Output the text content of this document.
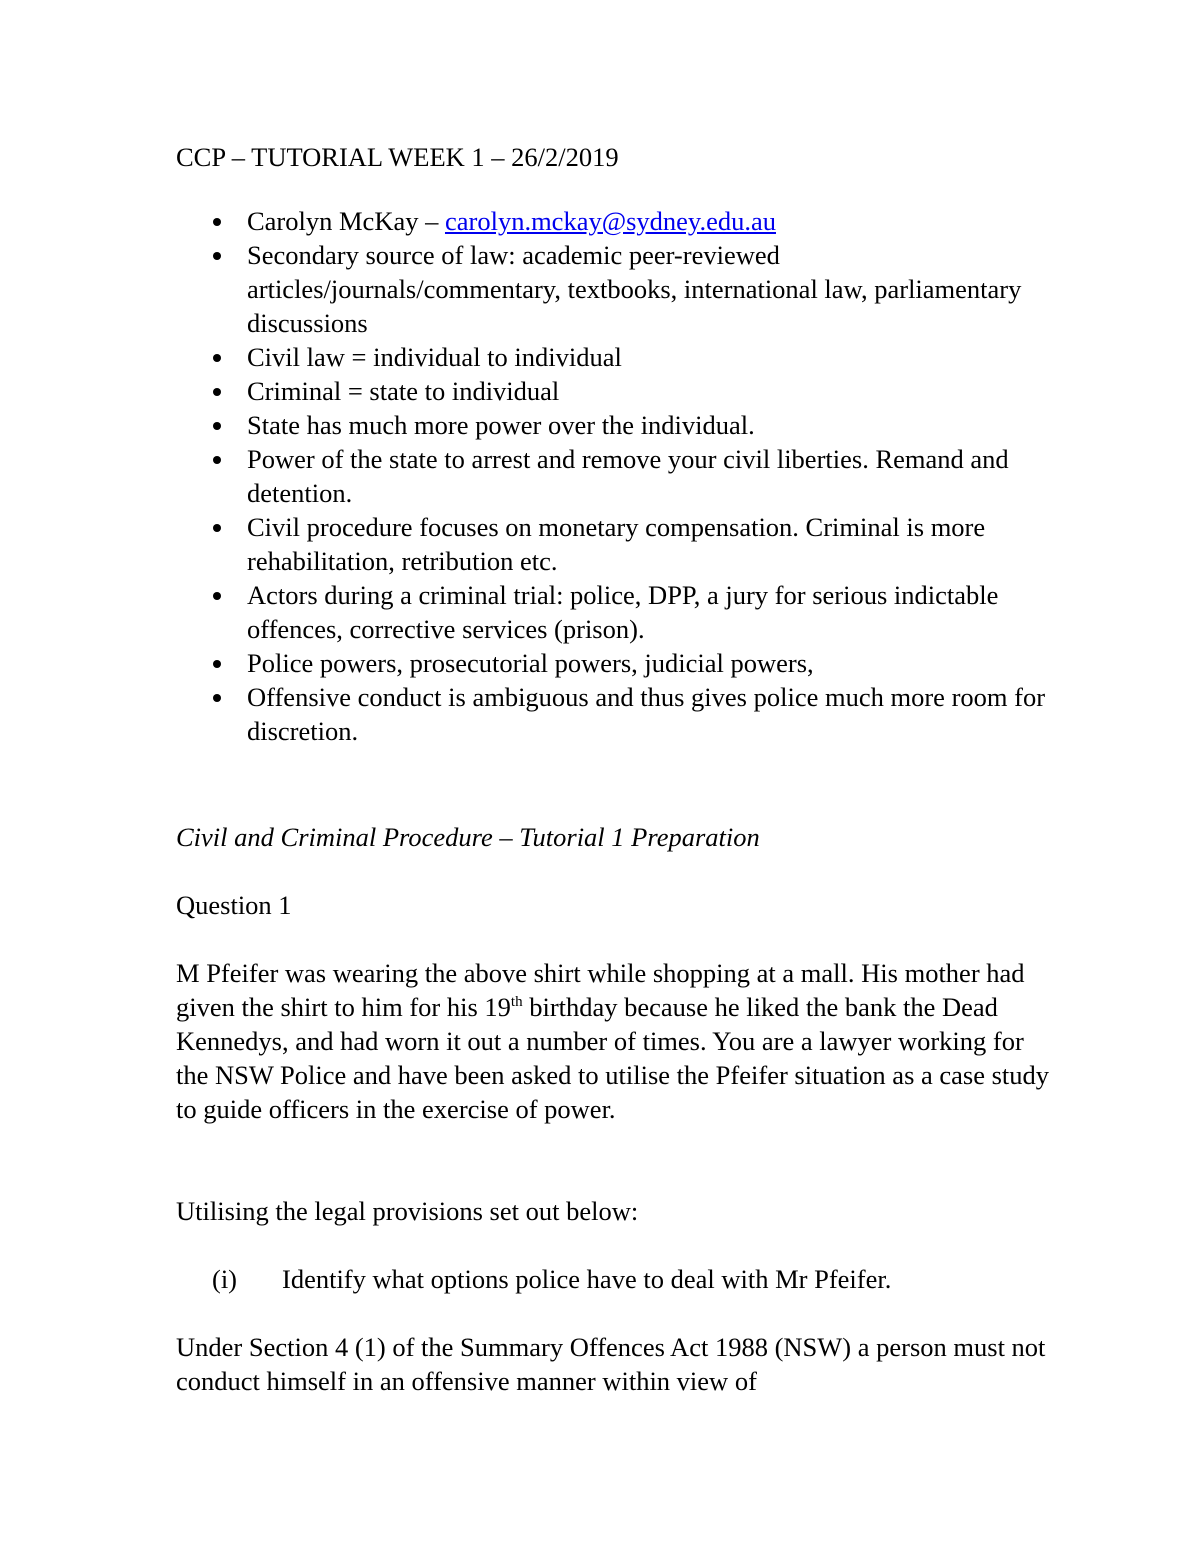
CCP – TUTORIAL WEEK 1 – 26/2/2019

Carolyn McKay – carolyn.mckay@sydney.edu.au
Secondary source of law: academic peer-reviewed articles/journals/commentary, textbooks, international law, parliamentary discussions
Civil law = individual to individual
Criminal = state to individual
State has much more power over the individual.
Power of the state to arrest and remove your civil liberties. Remand and detention.
Civil procedure focuses on monetary compensation. Criminal is more rehabilitation, retribution etc.
Actors during a criminal trial: police, DPP, a jury for serious indictable offences, corrective services (prison).
Police powers, prosecutorial powers, judicial powers,
Offensive conduct is ambiguous and thus gives police much more room for discretion.

Civil and Criminal Procedure – Tutorial 1 Preparation

Question 1

M Pfeifer was wearing the above shirt while shopping at a mall. His mother had given the shirt to him for his 19th birthday because he liked the bank the Dead Kennedys, and had worn it out a number of times. You are a lawyer working for the NSW Police and have been asked to utilise the Pfeifer situation as a case study to guide officers in the exercise of power.

Utilising the legal provisions set out below:

(i) Identify what options police have to deal with Mr Pfeifer.

Under Section 4 (1) of the Summary Offences Act 1988 (NSW) a person must not conduct himself in an offensive manner within view of
